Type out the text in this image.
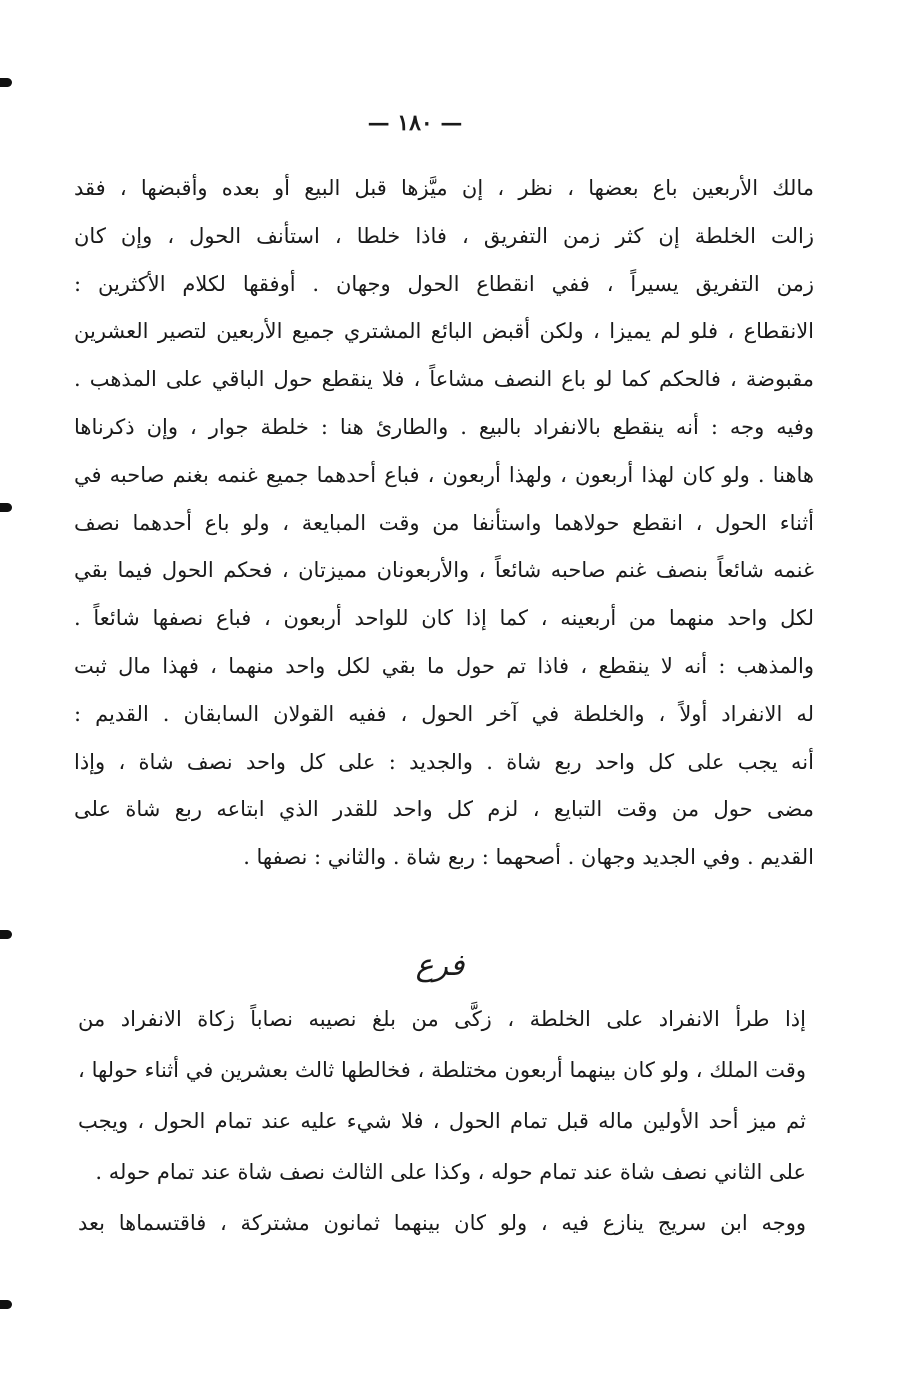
— ١٨٠ —
مالك الأربعين باع بعضها ، نظر ، إن ميَّزها قبل البيع أو بعده وأقبضها ، فقد
زالت الخلطة إن كثر زمن التفريق ، فاذا خلطا ، استأنف الحول ، وإن كان
زمن التفريق يسيراً ، ففي انقطاع الحول وجهان . أوفقها لكلام الأكثرين :
الانقطاع ، فلو لم يميزا ، ولكن أقبض البائع المشتري جميع الأربعين لتصير العشرين
مقبوضة ، فالحكم كما لو باع النصف مشاعاً ، فلا ينقطع حول الباقي على المذهب .
وفيه وجه : أنه ينقطع بالانفراد بالبيع . والطارئ هنا : خلطة جوار ، وإن ذكرناها
هاهنا . ولو كان لهذا أربعون ، ولهذا أربعون ، فباع أحدهما جميع غنمه بغنم صاحبه في
أثناء الحول ، انقطع حولاهما واستأنفا من وقت المبايعة ، ولو باع أحدهما نصف
غنمه شائعاً بنصف غنم صاحبه شائعاً ، والأربعونان مميزتان ، فحكم الحول فيما بقي
لكل واحد منهما من أربعينه ، كما إذا كان للواحد أربعون ، فباع نصفها شائعاً .
والمذهب : أنه لا ينقطع ، فاذا تم حول ما بقي لكل واحد منهما ، فهذا مال ثبت
له الانفراد أولاً ، والخلطة في آخر الحول ، ففيه القولان السابقان . القديم :
أنه يجب على كل واحد ربع شاة . والجديد : على كل واحد نصف شاة ، وإذا
مضى حول من وقت التبايع ، لزم كل واحد للقدر الذي ابتاعه ربع شاة على
القديم . وفي الجديد وجهان . أصحهما : ربع شاة . والثاني : نصفها .
فرع
إذا طرأ الانفراد على الخلطة ، زكَّى من بلغ نصيبه نصاباً زكاة الانفراد من
وقت الملك ، ولو كان بينهما أربعون مختلطة ، فخالطها ثالث بعشرين في أثناء حولها ،
ثم ميز أحد الأولين ماله قبل تمام الحول ، فلا شيء عليه عند تمام الحول ، ويجب
على الثاني نصف شاة عند تمام حوله ، وكذا على الثالث نصف شاة عند تمام حوله .
ووجه ابن سريج ينازع فيه ، ولو كان بينهما ثمانون مشتركة ، فاقتسماها بعد
